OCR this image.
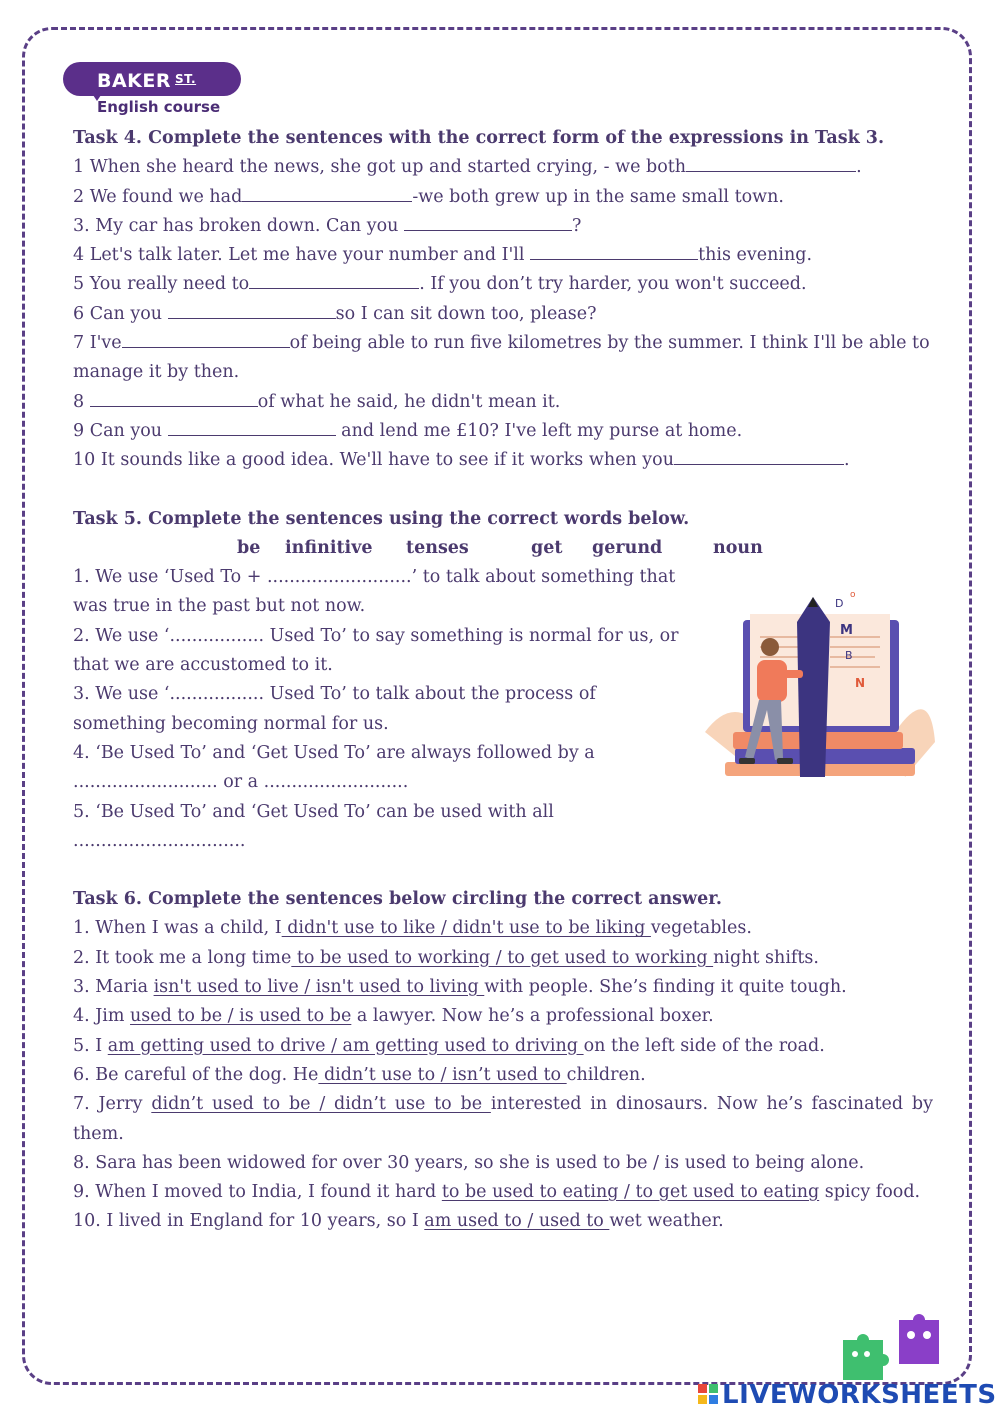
BAKER $^{ST.}$
English course
Task 4. Complete the sentences with the correct form of the expressions in Task 3.
1 When she heard the news, she got up and started crying, - we both	.
2 We found we had	-we both grew up in the same small town.
3. My car has broken down. Can you	?
4 Let's talk later. Let me have your number and I'll	this evening.
5 You really need to	. If you don’t try harder, you won't succeed.
6 Can you	so I can sit down too, please?
7 I've	of being able to run five kilometres by the summer. I think I'll be able to manage it by then.
8	of what he said, he didn't mean it.
9 Can you	and lend me £10? I've left my purse at home.
10 It sounds like a good idea. We'll have to see if it works when you	.
Task 5. Complete the sentences using the correct words below.
be infinitive tenses	get gerund	noun
1. We use ‘Used To + ..........................’ to talk about something that was true in the past but not now.
2. We use ‘................. Used To’ to say something is normal for us, or that we are accustomed to it.
3. We use ‘................. Used To’ to talk about the process of something becoming normal for us.
4. ‘Be Used To’ and ‘Get Used To’ are always followed by a .......................... or a ..........................
5. ‘Be Used To’ and ‘Get Used To’ can be used with all ...............................
Task 6. Complete the sentences below circling the correct answer.
1. When I was a child, I didn't use to like / didn't use to be liking vegetables.
2. It took me a long time to be used to working / to get used to working night shifts.
3. Maria isn't used to live / isn't used to living with people. She’s finding it quite tough.
4. Jim used to be / is used to be a lawyer. Now he’s a professional boxer.
5. I am getting used to drive / am getting used to driving on the left side of the road.
6. Be careful of the dog. He didn’t use to / isn’t used to children.
7. Jerry didn’t used to be / didn’t use to be interested in dinosaurs. Now he’s fascinated by them.
8. Sara has been widowed for over 30 years, so she is used to be / is used to being alone.
9. When I moved to India, I found it hard to be used to eating / to get used to eating spicy food.
10. I lived in England for 10 years, so I am used to / used to wet weather.
D
o
M
B
N
LIVEWORKSHEETS
